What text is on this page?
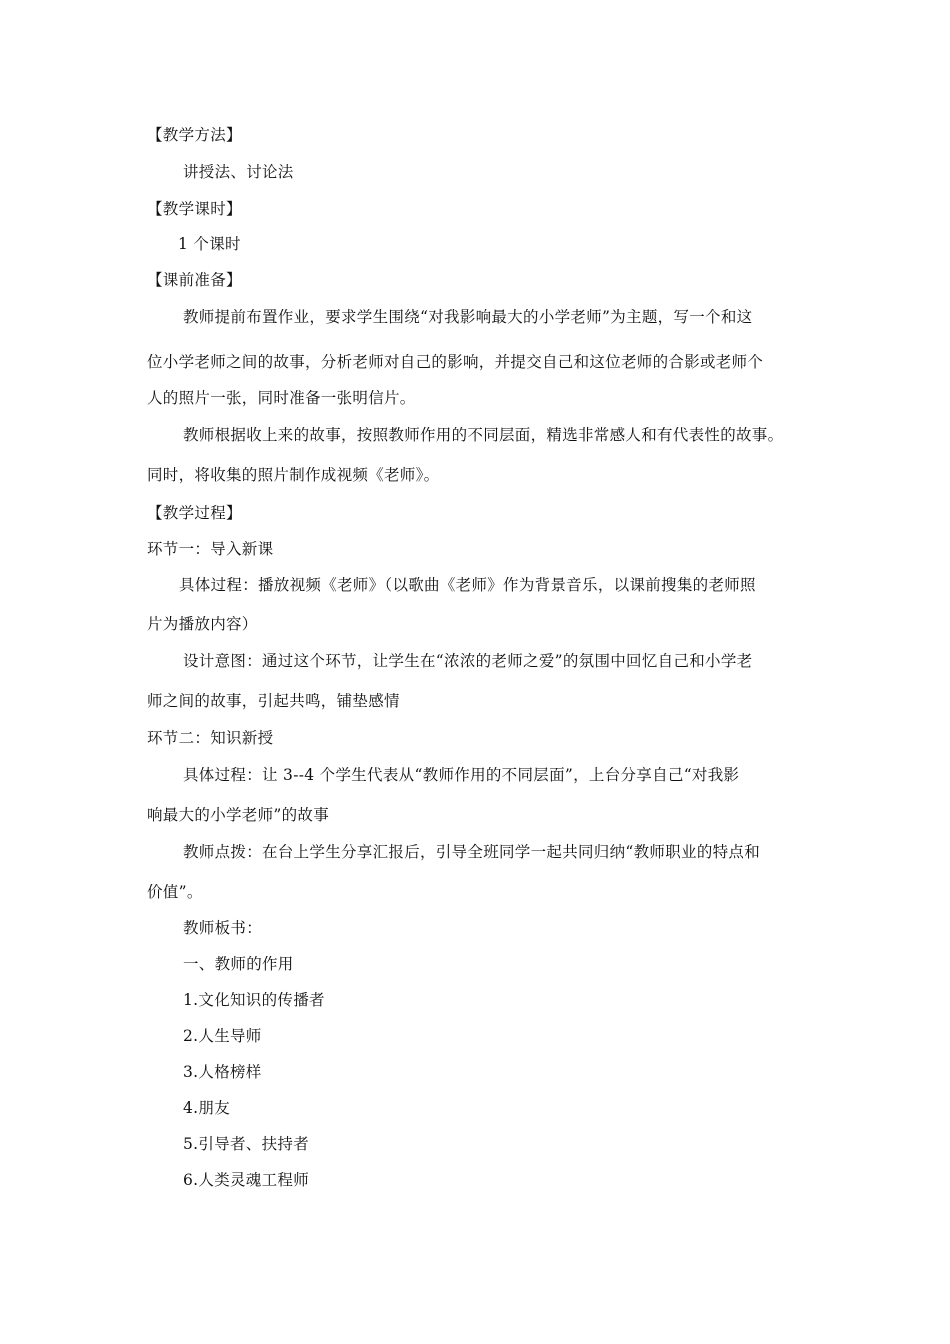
【教学方法】
讲授法、讨论法
【教学课时】
1 个课时
【课前准备】
教师提前布置作业，要求学生围绕“对我影响最大的小学老师”为主题，写一个和这
位小学老师之间的故事，分析老师对自己的影响，并提交自己和这位老师的合影或老师个
人的照片一张，同时准备一张明信片。
教师根据收上来的故事，按照教师作用的不同层面，精选非常感人和有代表性的故事。
同时，将收集的照片制作成视频《老师》。
【教学过程】
环节一：导入新课
具体过程：播放视频《老师》（以歌曲《老师》作为背景音乐，以课前搜集的老师照
片为播放内容）
设计意图：通过这个环节，让学生在“浓浓的老师之爱”的氛围中回忆自己和小学老
师之间的故事，引起共鸣，铺垫感情
环节二：知识新授
具体过程：让 3--4 个学生代表从“教师作用的不同层面”，上台分享自己“对我影
响最大的小学老师”的故事
教师点拨：在台上学生分享汇报后，引导全班同学一起共同归纳“教师职业的特点和
价值”。
教师板书：
一、教师的作用
1.文化知识的传播者
2.人生导师
3.人格榜样
4.朋友
5.引导者、扶持者
6.人类灵魂工程师
